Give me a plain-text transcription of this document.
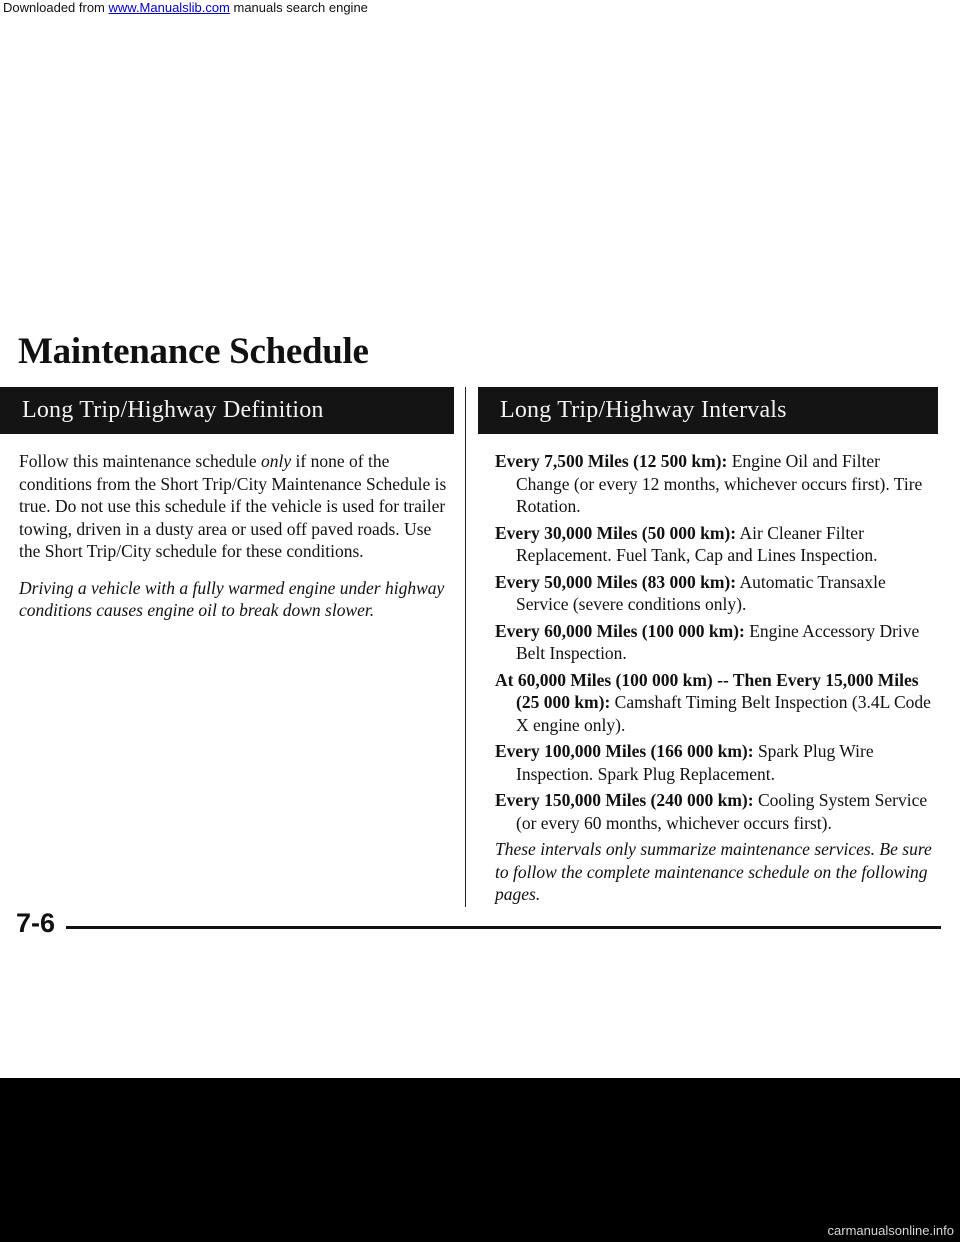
Downloaded from www.Manualslib.com manuals search engine
Maintenance Schedule
Long Trip/Highway Definition	Long Trip/Highway Intervals

Follow this maintenance schedule only if none of the conditions from the Short Trip/City Maintenance Schedule is true. Do not use this schedule if the vehicle is used for trailer towing, driven in a dusty area or used off paved roads. Use the Short Trip/City schedule for these conditions.

Driving a vehicle with a fully warmed engine under highway conditions causes engine oil to break down slower.

Every 7,500 Miles (12 500 km): Engine Oil and Filter Change (or every 12 months, whichever occurs first). Tire Rotation.

Every 30,000 Miles (50 000 km): Air Cleaner Filter Replacement. Fuel Tank, Cap and Lines Inspection.

Every 50,000 Miles (83 000 km): Automatic Transaxle Service (severe conditions only).

Every 60,000 Miles (100 000 km): Engine Accessory Drive Belt Inspection.

At 60,000 Miles (100 000 km) -- Then Every 15,000 Miles (25 000 km): Camshaft Timing Belt Inspection (3.4L Code X engine only).

Every 100,000 Miles (166 000 km): Spark Plug Wire Inspection. Spark Plug Replacement.

Every 150,000 Miles (240 000 km): Cooling System Service (or every 60 months, whichever occurs first).

These intervals only summarize maintenance services. Be sure to follow the complete maintenance schedule on the following pages.

7-6
carmanualsonline.info
